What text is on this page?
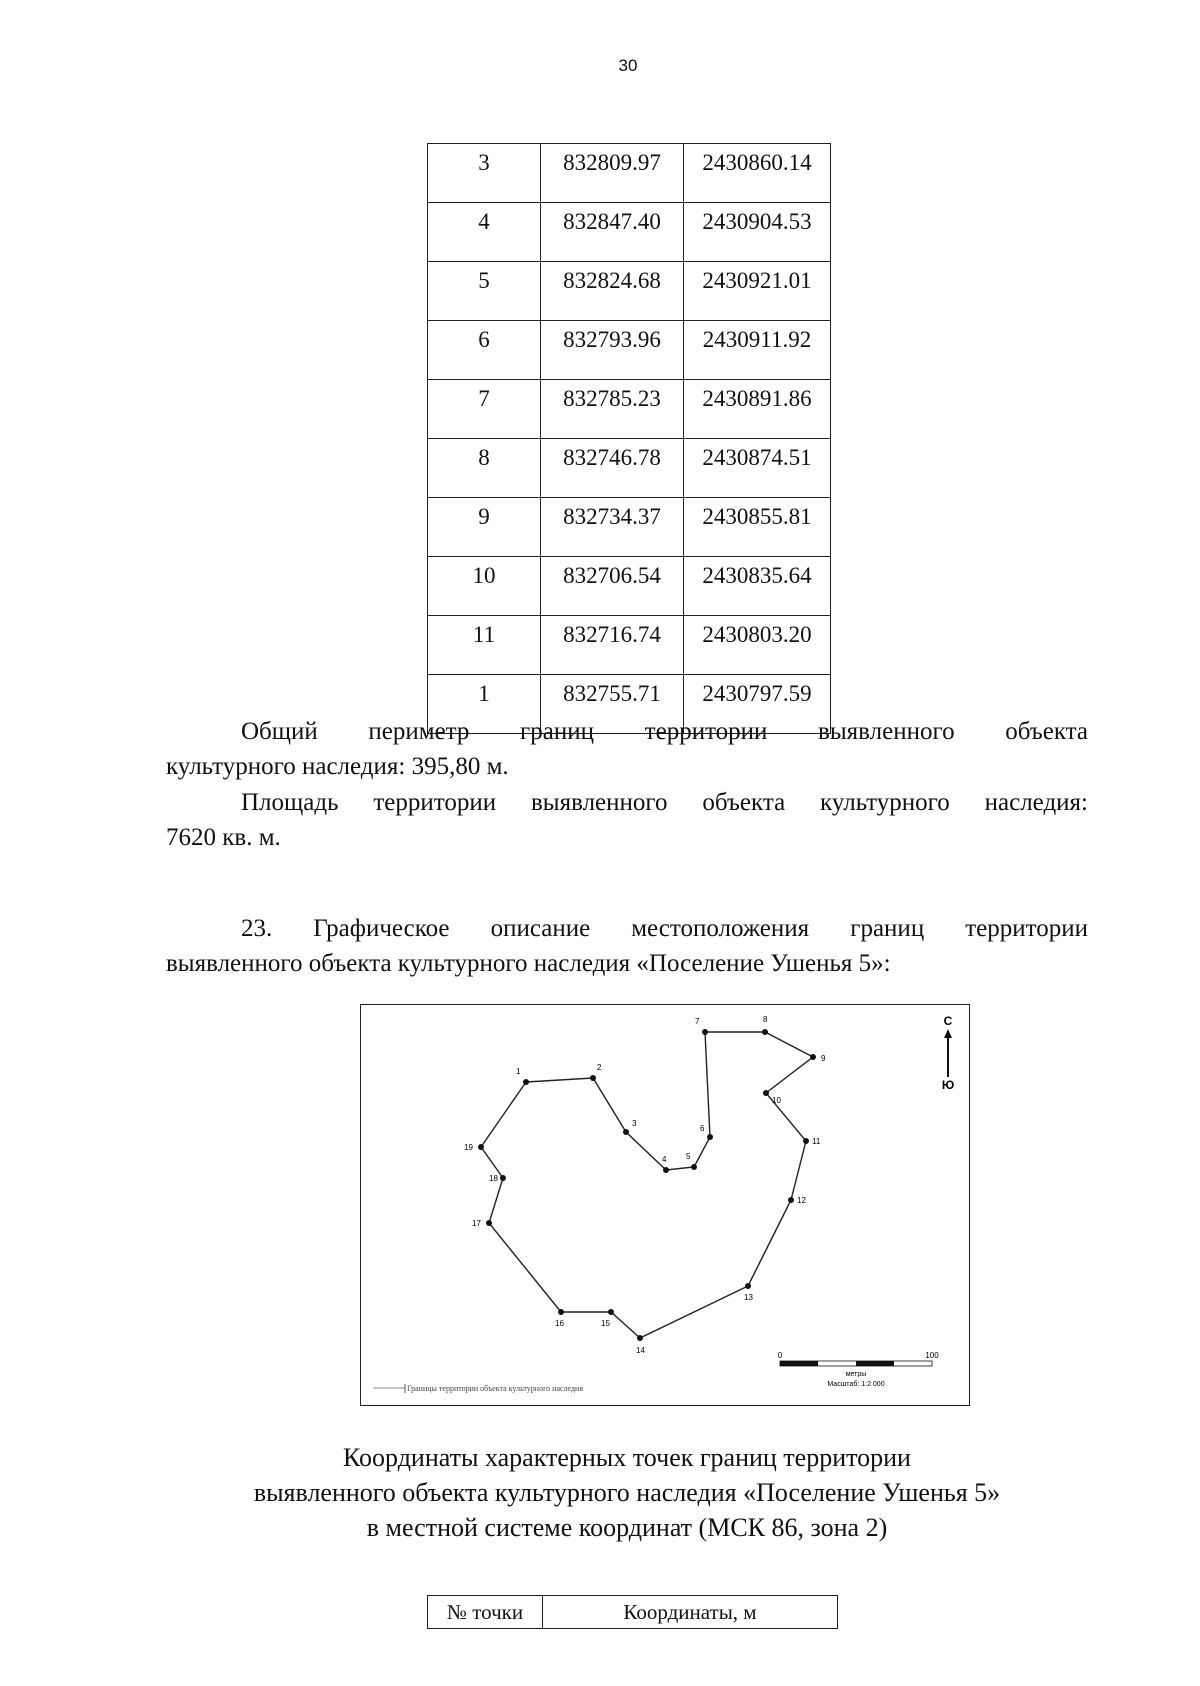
30
3	832809.97	2430860.14
4	832847.40	2430904.53
5	832824.68	2430921.01
6	832793.96	2430911.92
7	832785.23	2430891.86
8	832746.78	2430874.51
9	832734.37	2430855.81
10	832706.54	2430835.64
11	832716.74	2430803.20
1	832755.71	2430797.59

Общий периметр границ территории выявленного объекта

культурного наследия: 395,80 м.

Площадь территории выявленного объекта культурного наследия:

7620 кв. м.

23. Графическое описание местоположения границ территории

выявленного объекта культурного наследия «Поселение Ушенья 5»:

1	2
3
4 5
6
7	8
9
10
11
12
13
14
15
16
17
18
19
С
Ю
Границы территории объекта культурного наследия
0	100
метры
Масштаб: 1:2 000
Координаты характерных точек границ территории
выявленного объекта культурного наследия «Поселение Ушенья 5»
в местной системе координат (МСК 86, зона 2)
№ точки	Координаты, м
